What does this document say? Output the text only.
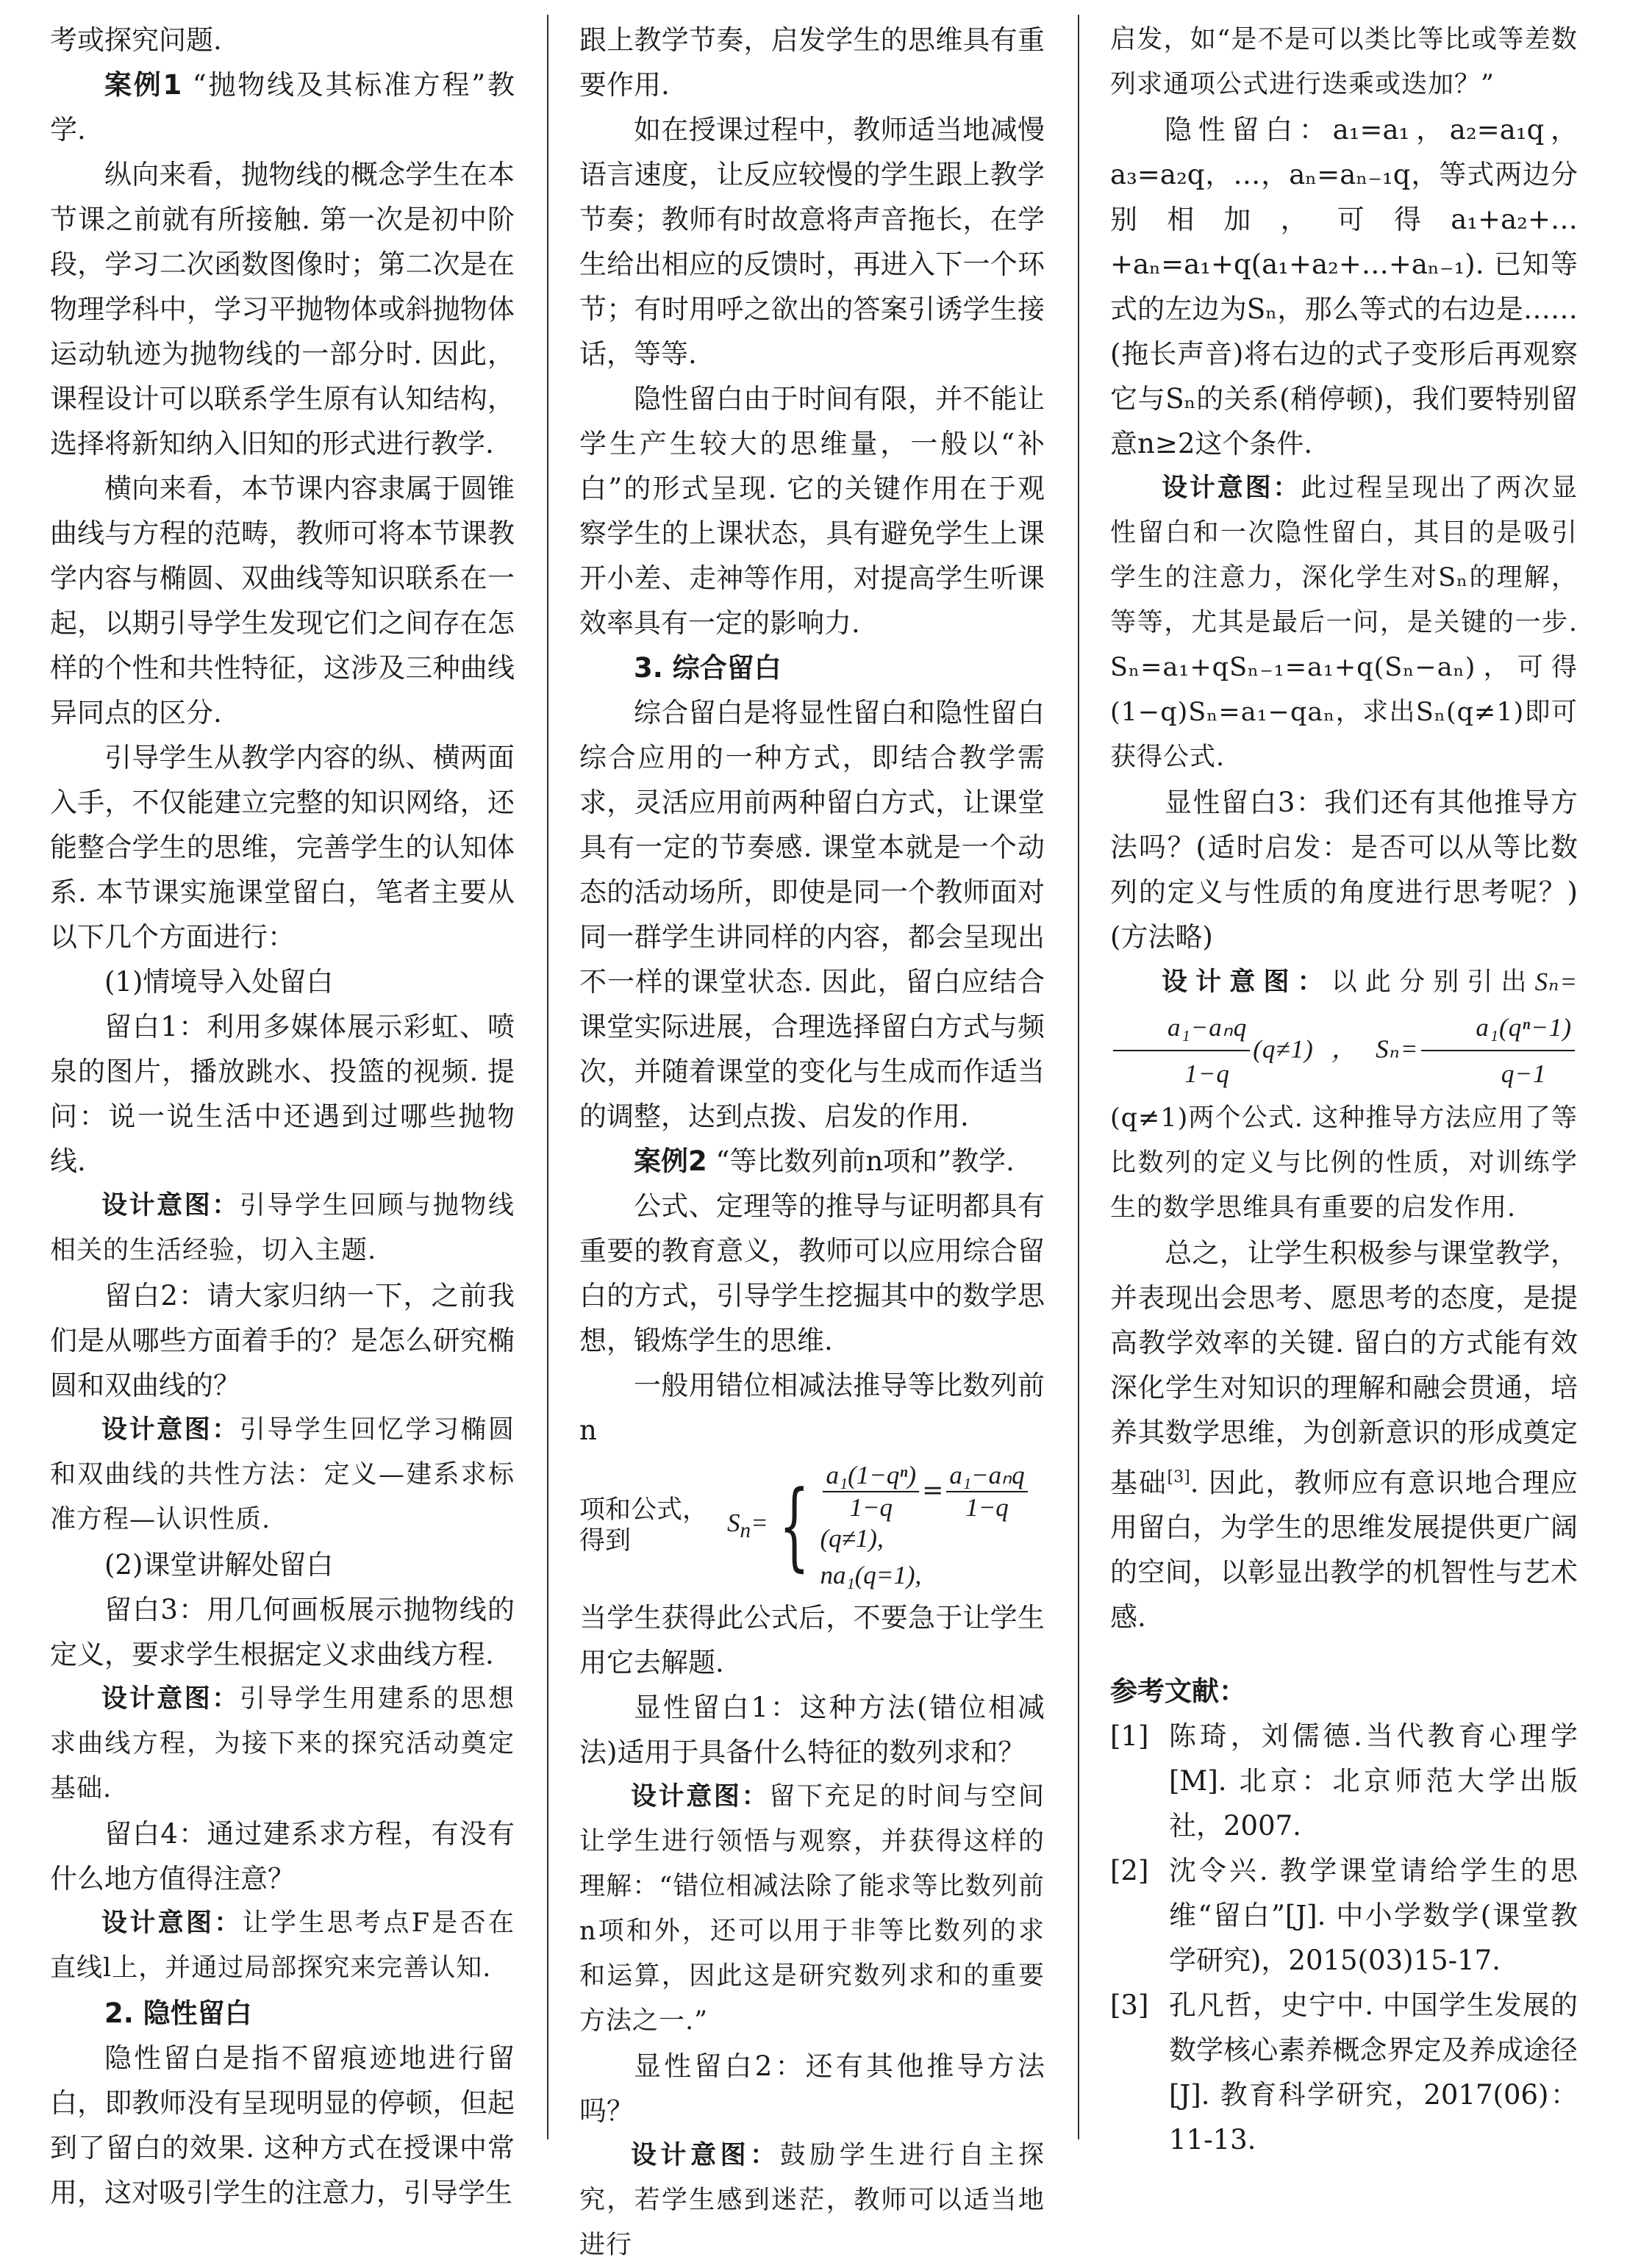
考或探究问题.

案例1 “抛物线及其标准方程”教学.

纵向来看，抛物线的概念学生在本节课之前就有所接触. 第一次是初中阶段，学习二次函数图像时；第二次是在物理学科中，学习平抛物体或斜抛物体运动轨迹为抛物线的一部分时. 因此，课程设计可以联系学生原有认知结构，选择将新知纳入旧知的形式进行教学.

横向来看，本节课内容隶属于圆锥曲线与方程的范畴，教师可将本节课教学内容与椭圆、双曲线等知识联系在一起，以期引导学生发现它们之间存在怎样的个性和共性特征，这涉及三种曲线异同点的区分.

引导学生从教学内容的纵、横两面入手，不仅能建立完整的知识网络，还能整合学生的思维，完善学生的认知体系. 本节课实施课堂留白，笔者主要从以下几个方面进行：

(1)情境导入处留白

留白1：利用多媒体展示彩虹、喷泉的图片，播放跳水、投篮的视频. 提问：说一说生活中还遇到过哪些抛物线.

设计意图：引导学生回顾与抛物线相关的生活经验，切入主题.

留白2：请大家归纳一下，之前我们是从哪些方面着手的？是怎么研究椭圆和双曲线的？

设计意图：引导学生回忆学习椭圆和双曲线的共性方法：定义—建系求标准方程—认识性质.

(2)课堂讲解处留白

留白3：用几何画板展示抛物线的定义，要求学生根据定义求曲线方程.

设计意图：引导学生用建系的思想求曲线方程，为接下来的探究活动奠定基础.

留白4：通过建系求方程，有没有什么地方值得注意？

设计意图：让学生思考点F是否在直线l上，并通过局部探究来完善认知.

2. 隐性留白

隐性留白是指不留痕迹地进行留白，即教师没有呈现明显的停顿，但起到了留白的效果. 这种方式在授课中常用，这对吸引学生的注意力，引导学生

跟上教学节奏，启发学生的思维具有重要作用.

如在授课过程中，教师适当地减慢语言速度，让反应较慢的学生跟上教学节奏；教师有时故意将声音拖长，在学生给出相应的反馈时，再进入下一个环节；有时用呼之欲出的答案引诱学生接话，等等.

隐性留白由于时间有限，并不能让学生产生较大的思维量，一般以“补白”的形式呈现. 它的关键作用在于观察学生的上课状态，具有避免学生上课开小差、走神等作用，对提高学生听课效率具有一定的影响力.

3. 综合留白

综合留白是将显性留白和隐性留白综合应用的一种方式，即结合教学需求，灵活应用前两种留白方式，让课堂具有一定的节奏感. 课堂本就是一个动态的活动场所，即使是同一个教师面对同一群学生讲同样的内容，都会呈现出不一样的课堂状态. 因此，留白应结合课堂实际进展，合理选择留白方式与频次，并随着课堂的变化与生成而作适当的调整，达到点拨、启发的作用.

案例2 “等比数列前n项和”教学.

公式、定理等的推导与证明都具有重要的教育意义，教师可以应用综合留白的方式，引导学生挖掘其中的数学思想，锻炼学生的思维.

一般用错位相减法推导等比数列前n

项和公式，得到
$S_n=$ { $\frac{\text{a₁(1−qⁿ)}}{1-q} = \frac{\text{a₁−aₙq}}{1-q}$
(q≠1),
na₁(q=1),

当学生获得此公式后，不要急于让学生用它去解题.

显性留白1：这种方法(错位相减法)适用于具备什么特征的数列求和？

设计意图：留下充足的时间与空间让学生进行领悟与观察，并获得这样的理解：“错位相减法除了能求等比数列前n项和外，还可以用于非等比数列的求和运算，因此这是研究数列求和的重要方法之一.”

显性留白2：还有其他推导方法吗？

设计意图：鼓励学生进行自主探究，若学生感到迷茫，教师可以适当地进行

启发，如“是不是可以类比等比或等差数列求通项公式进行迭乘或迭加？”

隐性留白：a₁=a₁，a₂=a₁q，a₃=a₂q，…，aₙ=aₙ₋₁q，等式两边分别相加，可得a₁+a₂+…+aₙ=a₁+q(a₁+a₂+…+aₙ₋₁). 已知等式的左边为Sₙ，那么等式的右边是……(拖长声音)将右边的式子变形后再观察它与Sₙ的关系(稍停顿)，我们要特别留意n≥2这个条件.

设计意图：此过程呈现出了两次显性留白和一次隐性留白，其目的是吸引学生的注意力，深化学生对Sₙ的理解，等等，尤其是最后一问，是关键的一步. Sₙ=a₁+qSₙ₋₁=a₁+q(Sₙ−aₙ)，可得(1−q)Sₙ=a₁−qaₙ，求出Sₙ(q≠1)即可获得公式.

显性留白3：我们还有其他推导方法吗？(适时启发：是否可以从等比数列的定义与性质的角度进行思考呢？)(方法略)

设计意图：以此分别引出Sₙ=
$\frac{\text{a₁−aₙq}}{1-q} (q\ne 1)$，$S_n= \frac{\text{a₁(qⁿ−1)}}{q-1}$
(q≠1)两个公式. 这种推导方法应用了等比数列的定义与比例的性质，对训练学生的数学思维具有重要的启发作用.

总之，让学生积极参与课堂教学，并表现出会思考、愿思考的态度，是提高教学效率的关键. 留白的方式能有效深化学生对知识的理解和融会贯通，培养其数学思维，为创新意识的形成奠定基础[3]. 因此，教师应有意识地合理应用留白，为学生的思维发展提供更广阔的空间，以彰显出教学的机智性与艺术感.

参考文献：

[1] 陈琦，刘儒德.当代教育心理学[M]. 北京：北京师范大学出版社，2007.
[2] 沈令兴. 教学课堂请给学生的思维“留白”[J]. 中小学数学(课堂教学研究)，2015(03)15-17.
[3] 孔凡哲，史宁中. 中国学生发展的数学核心素养概念界定及养成途径[J]. 教育科学研究，2017(06)：11-13.
